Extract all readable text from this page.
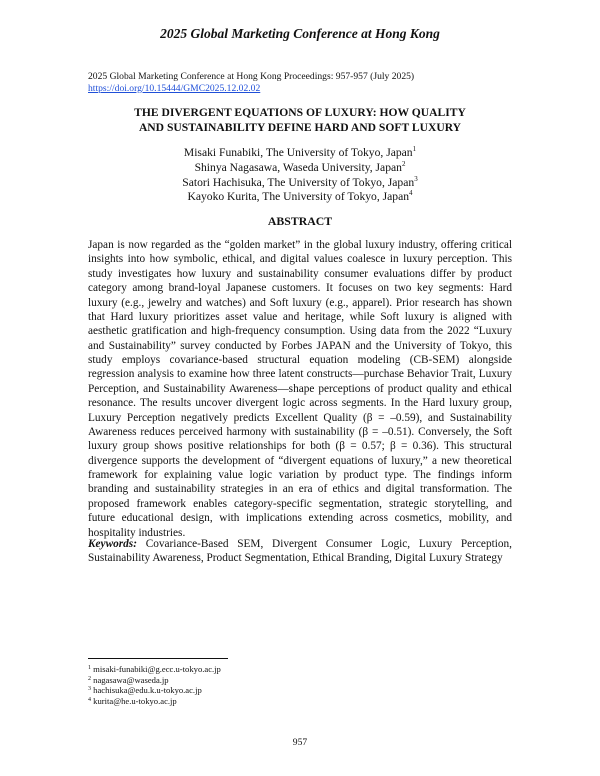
2025 Global Marketing Conference at Hong Kong
2025 Global Marketing Conference at Hong Kong Proceedings: 957-957 (July 2025)
https://doi.org/10.15444/GMC2025.12.02.02
THE DIVERGENT EQUATIONS OF LUXURY: HOW QUALITY
AND SUSTAINABILITY DEFINE HARD AND SOFT LUXURY
Misaki Funabiki, The University of Tokyo, Japan$^1$
Shinya Nagasawa, Waseda University, Japan$^2$
Satori Hachisuka, The University of Tokyo, Japan$^3$
Kayoko Kurita, The University of Tokyo, Japan$^4$
ABSTRACT

Japan is now regarded as the “golden market” in the global luxury industry, offering critical insights into how symbolic, ethical, and digital values coalesce in luxury perception. This study investigates how luxury and sustainability consumer evaluations differ by product category among brand-loyal Japanese customers. It focuses on two key segments: Hard luxury (e.g., jewelry and watches) and Soft luxury (e.g., apparel). Prior research has shown that Hard luxury prioritizes asset value and heritage, while Soft luxury is aligned with aesthetic gratification and high-frequency consumption. Using data from the 2022 “Luxury and Sustainability” survey conducted by Forbes JAPAN and the University of Tokyo, this study employs covariance-based structural equation modeling (CB-SEM) alongside regression analysis to examine how three latent constructs—purchase Behavior Trait, Luxury Perception, and Sustainability Awareness—shape perceptions of product quality and ethical resonance. The results uncover divergent logic across segments. In the Hard luxury group, Luxury Perception negatively predicts Excellent Quality (β = –0.59), and Sustainability Awareness reduces perceived harmony with sustainability (β = –0.51). Conversely, the Soft luxury group shows positive relationships for both (β = 0.57; β = 0.36). This structural divergence supports the development of “divergent equations of luxury,” a new theoretical framework for explaining value logic variation by product type. The findings inform branding and sustainability strategies in an era of ethics and digital transformation. The proposed framework enables category-specific segmentation, strategic storytelling, and future educational design, with implications extending across cosmetics, mobility, and hospitality industries.

Keywords: Covariance-Based SEM, Divergent Consumer Logic, Luxury Perception, Sustainability Awareness, Product Segmentation, Ethical Branding, Digital Luxury Strategy

$^1$ misaki-funabiki@g.ecc.u-tokyo.ac.jp
$^2$ nagasawa@waseda.jp
$^3$ hachisuka@edu.k.u-tokyo.ac.jp
$^4$ kurita@he.u-tokyo.ac.jp
957
